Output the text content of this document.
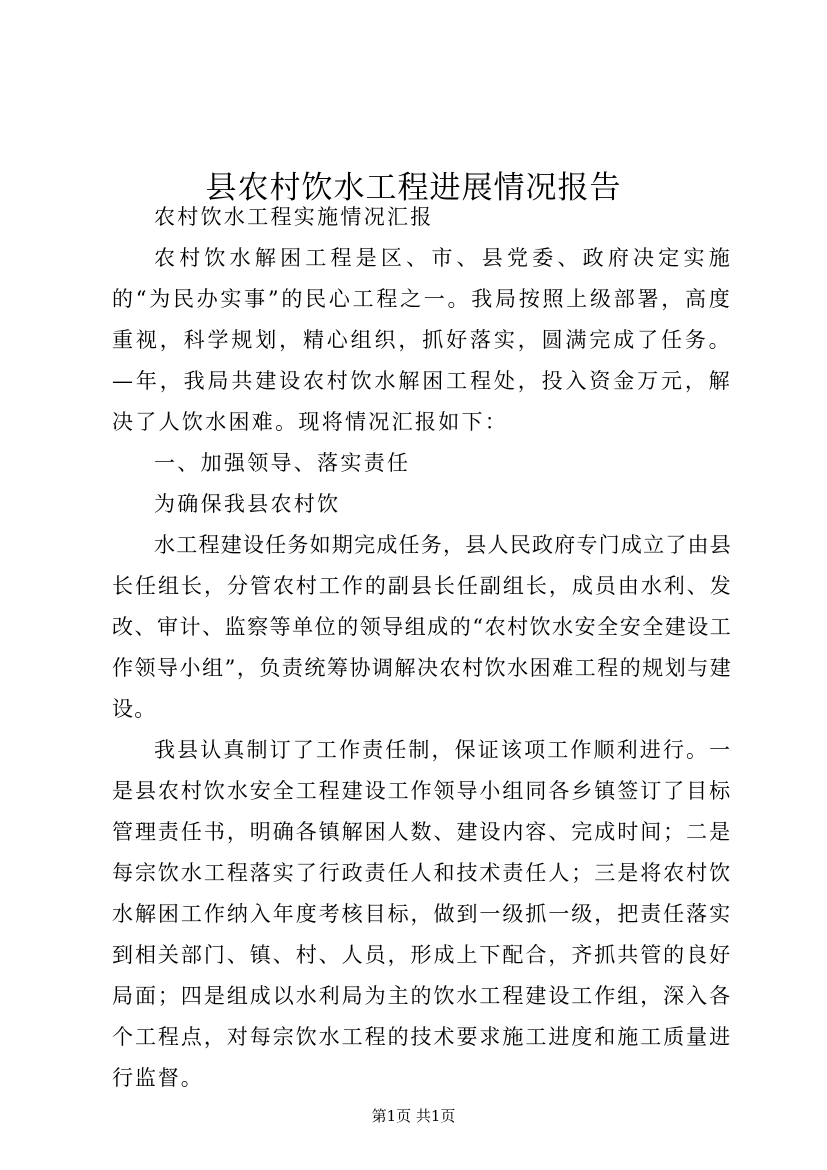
县农村饮水工程进展情况报告

农村饮水工程实施情况汇报

农村饮水解困工程是区、市、县党委、政府决定实施的“为民办实事”的民心工程之一。我局按照上级部署，高度重视，科学规划，精心组织，抓好落实，圆满完成了任务。—年，我局共建设农村饮水解困工程处，投入资金万元，解决了人饮水困难。现将情况汇报如下：

一、加强领导、落实责任

为确保我县农村饮

水工程建设任务如期完成任务，县人民政府专门成立了由县长任组长，分管农村工作的副县长任副组长，成员由水利、发改、审计、监察等单位的领导组成的“农村饮水安全安全建设工作领导小组”，负责统筹协调解决农村饮水困难工程的规划与建设。

我县认真制订了工作责任制，保证该项工作顺利进行。一是县农村饮水安全工程建设工作领导小组同各乡镇签订了目标管理责任书，明确各镇解困人数、建设内容、完成时间；二是每宗饮水工程落实了行政责任人和技术责任人；三是将农村饮水解困工作纳入年度考核目标，做到一级抓一级，把责任落实到相关部门、镇、村、人员，形成上下配合，齐抓共管的良好局面；四是组成以水利局为主的饮水工程建设工作组，深入各个工程点，对每宗饮水工程的技术要求施工进度和施工质量进行监督。

第1页 共1页
